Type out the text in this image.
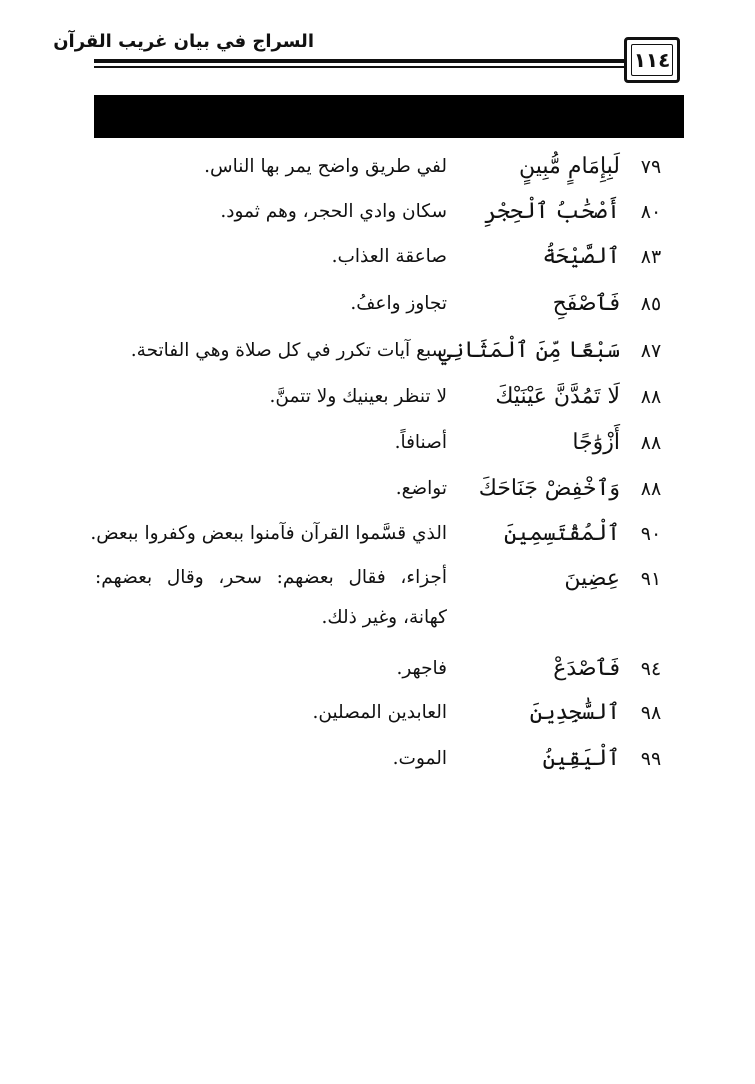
السراج في بيان غريب القرآن
١١٤
٧٩
لَبِإِمَامٍ مُّبِينٍ
لفي طريق واضح يمر بها الناس.
٨٠
أَصْحَٰبُ ٱلْحِجْرِ
سكان وادي الحجر، وهم ثمود.
٨٣
ٱلصَّيْحَةُ
صاعقة العذاب.
٨٥
فَٱصْفَحِ
تجاوز واعفُ.
٨٧
سَبْعًا مِّنَ ٱلْمَثَانِي
سبع آيات تكرر في كل صلاة وهي الفاتحة.
٨٨
لَا تَمُدَّنَّ عَيْنَيْكَ
لا تنظر بعينيك ولا تتمنَّ.
٨٨
أَزْوَٰجًا
أصنافاً.
٨٨
وَٱخْفِضْ جَنَاحَكَ
تواضع.
٩٠
ٱلْمُقْتَسِمِينَ
الذي قسَّموا القرآن فآمنوا ببعض وكفروا ببعض.
٩١
عِضِينَ
أجزاء، فقال بعضهم: سحر، وقال بعضهم: كهانة، وغير ذلك.
٩٤
فَٱصْدَعْ
فاجهر.
٩٨
ٱلسَّٰجِدِينَ
العابدين المصلين.
٩٩
ٱلْيَقِينُ
الموت.
